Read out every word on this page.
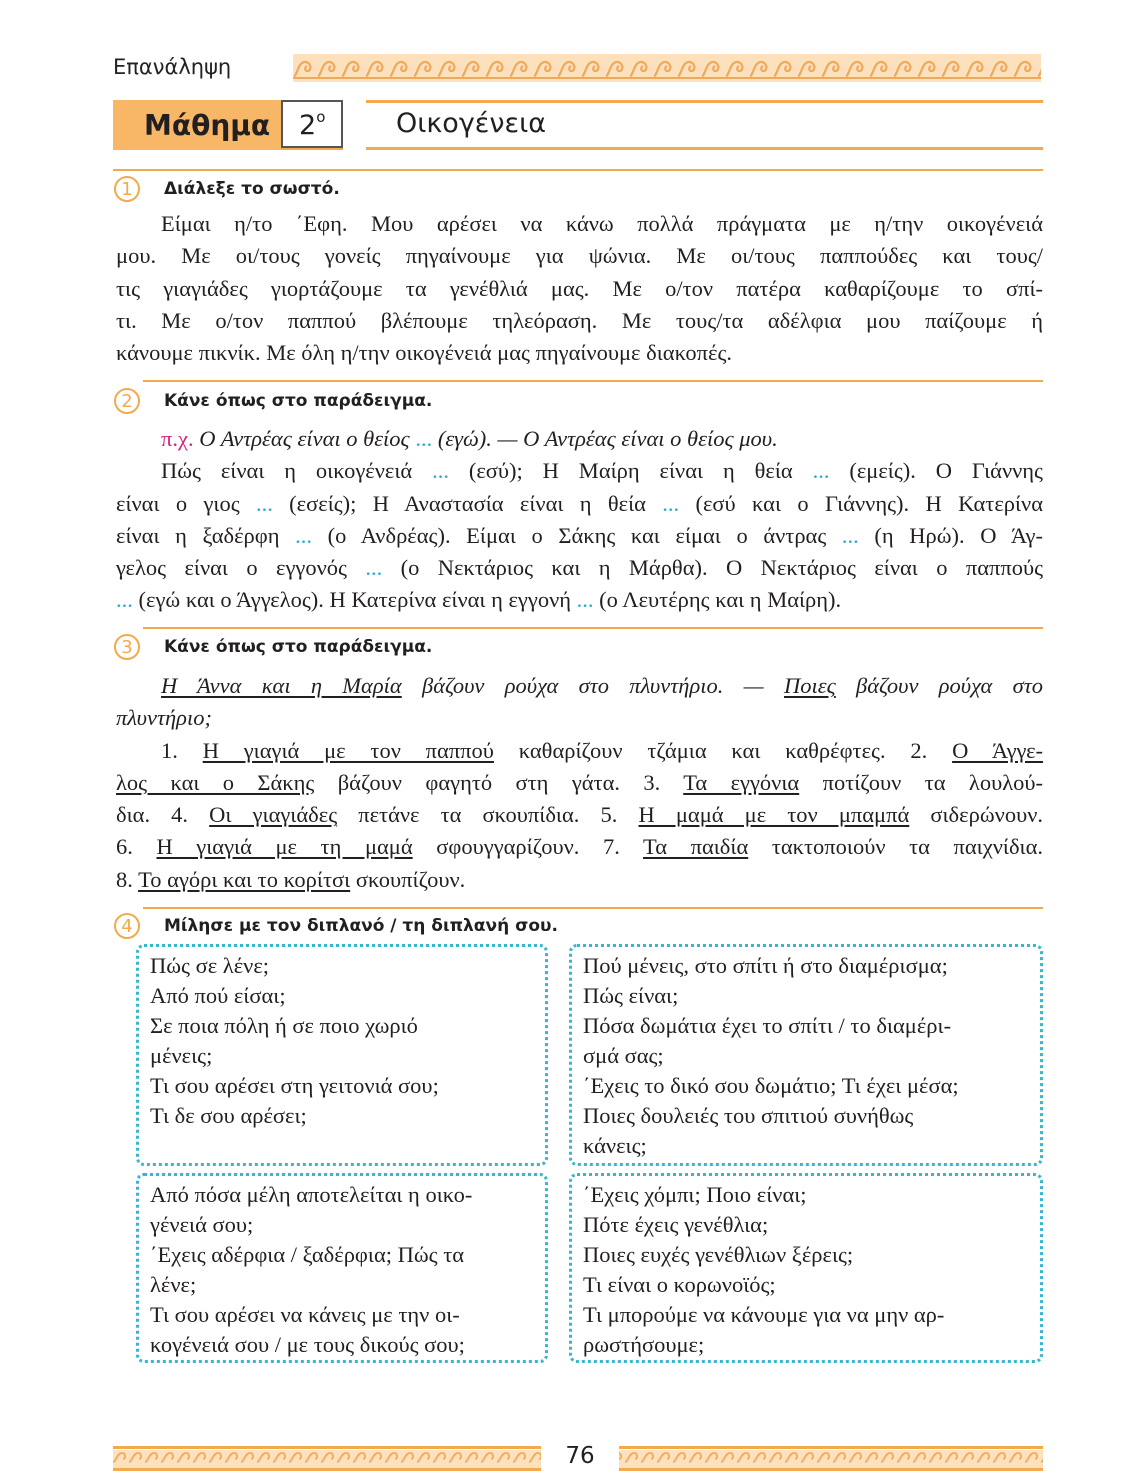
Επανάληψη
Μάθημα $2^o$	Οικογένεια
1	Διάλεξε το σωστό.
Είμαι η/το ΄Εφη. Μου αρέσει να κάνω πολλά πράγματα με η/την οικογένειά
μου. Με οι/τους γονείς πηγαίνουμε για ψώνια. Με οι/τους παππούδες και τους/
τις γιαγιάδες γιορτάζουμε τα γενέθλιά μας. Με ο/τον πατέρα καθαρίζουμε το σπί-
τι. Με ο/τον παππού βλέπουμε τηλεόραση. Με τους/τα αδέλφια μου παίζουμε ή
κάνουμε πικνίκ. Με όλη η/την οικογένειά μας πηγαίνουμε διακοπές.
2	Κάνε όπως στο παράδειγμα.
π.χ. Ο Αντρέας είναι ο θείος ... (εγώ). — Ο Αντρέας είναι ο θείος μου.
Πώς είναι η οικογένειά ... (εσύ); Η Μαίρη είναι η θεία ... (εμείς). Ο Γιάννης
είναι ο γιος ... (εσείς); Η Αναστασία είναι η θεία ... (εσύ και ο Γιάννης). Η Κατερίνα
είναι η ξαδέρφη ... (ο Ανδρέας). Είμαι ο Σάκης και είμαι ο άντρας ... (η Ηρώ). Ο Άγ-
γελος είναι ο εγγονός ... (ο Νεκτάριος και η Μάρθα). Ο Νεκτάριος είναι ο παππούς
... (εγώ και ο Άγγελος). Η Κατερίνα είναι η εγγονή ... (ο Λευτέρης και η Μαίρη).
3	Κάνε όπως στο παράδειγμα.
Η Άννα και η Μαρία βάζουν ρούχα στο πλυντήριο. — Ποιες βάζουν ρούχα στο
πλυντήριο;
1. Η γιαγιά με τον παππού καθαρίζουν τζάμια και καθρέφτες. 2. Ο Άγγε-
λος και ο Σάκης βάζουν φαγητό στη γάτα. 3. Τα εγγόνια ποτίζουν τα λουλού-
δια. 4. Οι γιαγιάδες πετάνε τα σκουπίδια. 5. Η μαμά με τον μπαμπά σιδερώνουν.
6. Η γιαγιά με τη μαμά σφουγγαρίζουν. 7. Τα παιδία τακτοποιούν τα παιχνίδια.
8. Το αγόρι και το κορίτσι σκουπίζουν.
4	Μίλησε με τον διπλανό / τη διπλανή σου.
Πώς σε λένε;
Από πού είσαι;
Σε ποια πόλη ή σε ποιο χωριό
μένεις;
Τι σου αρέσει στη γειτονιά σου;
Τι δε σου αρέσει;
Πού μένεις, στο σπίτι ή στο διαμέρισμα;
Πώς είναι;
Πόσα δωμάτια έχει το σπίτι / το διαμέρι-
σμά σας;
΄Εχεις το δικό σου δωμάτιο; Τι έχει μέσα;
Ποιες δουλειές του σπιτιού συνήθως
κάνεις;
Από πόσα μέλη αποτελείται η οικο-
γένειά σου;
΄Εχεις αδέρφια / ξαδέρφια; Πώς τα
λένε;
Τι σου αρέσει να κάνεις με την οι-
κογένειά σου / με τους δικούς σου;
΄Εχεις χόμπι; Ποιο είναι;
Πότε έχεις γενέθλια;
Ποιες ευχές γενέθλιων ξέρεις;
Τι είναι ο κορωνοϊός;
Τι μπορούμε να κάνουμε για να μην αρ-
ρωστήσουμε;
76
